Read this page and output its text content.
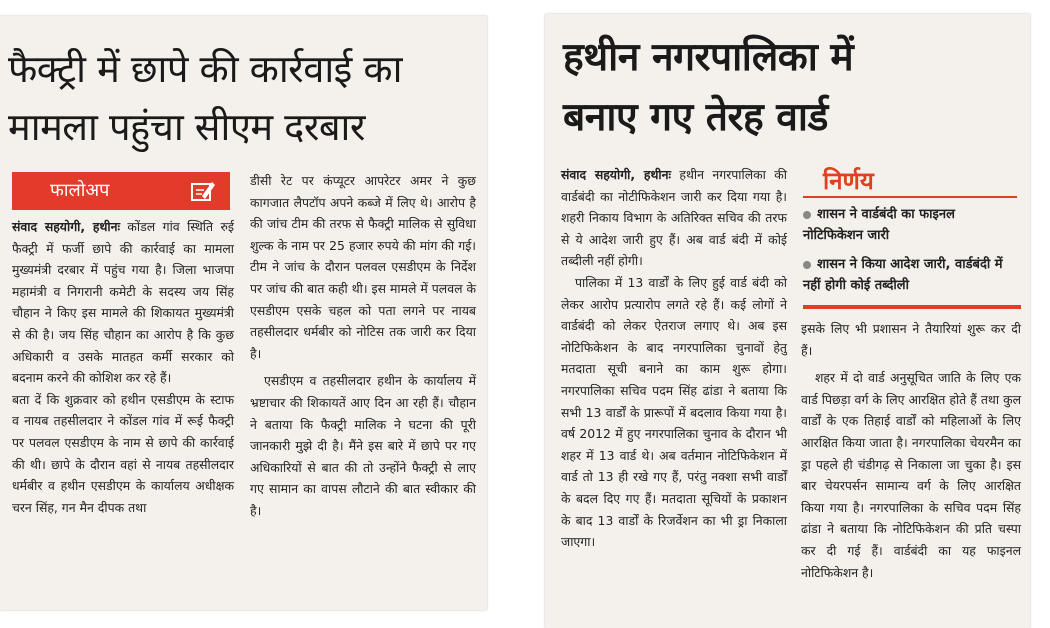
फैक्ट्री में छापे की कार्रवाई का मामला पहुंचा सीएम दरबार
फालोअप

संवाद सहयोगी, हथीनः कोंडल गांव स्थिति रुई फैक्ट्री में फर्जी छापे की कार्रवाई का मामला मुख्यमंत्री दरबार में पहुंच गया है। जिला भाजपा महामंत्री व निगरानी कमेटी के सदस्य जय सिंह चौहान ने किए इस मामले की शिकायत मुख्यमंत्री से की है। जय सिंह चौहान का आरोप है कि कुछ अधिकारी व उसके मातहत कर्मी सरकार को बदनाम करने की कोशिश कर रहे हैं।

बता दें कि शुक्रवार को हथीन एसडीएम के स्टाफ व नायब तहसीलदार ने कोंडल गांव में रूई फैक्ट्री पर पलवल एसडीएम के नाम से छापे की कार्रवाई की थी। छापे के दौरान वहां से नायब तहसीलदार धर्मबीर व हथीन एसडीएम के कार्यालय अधीक्षक चरन सिंह, गन मैन दीपक तथा

डीसी रेट पर कंप्यूटर आपरेटर अमर ने कुछ कागजात लैपटॉप अपने कब्जे में लिए थे। आरोप है की जांच टीम की तरफ से फैक्ट्री मालिक से सुविधा शुल्क के नाम पर 25 हजार रुपये की मांग की गई। टीम ने जांच के दौरान पलवल एसडीएम के निर्देश पर जांच की बात कही थी। इस मामले में पलवल के एसडीएम एसके चहल को पता लगने पर नायब तहसीलदार धर्मबीर को नोटिस तक जारी कर दिया है।

एसडीएम व तहसीलदार हथीन के कार्यालय में भ्रष्टाचार की शिकायतें आए दिन आ रही हैं। चौहान ने बताया कि फैक्ट्री मालिक ने घटना की पूरी जानकारी मुझे दी है। मैंने इस बारे में छापे पर गए अधिकारियों से बात की तो उन्होंने फैक्ट्री से लाए गए सामान का वापस लौटाने की बात स्वीकार की है।

हथीन नगरपालिका में बनाए गए तेरह वार्ड

संवाद सहयोगी, हथीनः हथीन नगरपालिका की वार्डबंदी का नोटीफिकेशन जारी कर दिया गया है। शहरी निकाय विभाग के अतिरिक्त सचिव की तरफ से ये आदेश जारी हुए हैं। अब वार्ड बंदी में कोई तब्दीली नहीं होगी।

पालिका में 13 वार्डों के लिए हुई वार्ड बंदी को लेकर आरोप प्रत्यारोप लगते रहे हैं। कई लोगों ने वार्डबंदी को लेकर ऐतराज लगाए थे। अब इस नोटिफिकेशन के बाद नगरपालिका चुनावों हेतु मतदाता सूची बनाने का काम शुरू होगा। नगरपालिका सचिव पदम सिंह ढांडा ने बताया कि सभी 13 वार्डों के प्रारूपों में बदलाव किया गया है। वर्ष 2012 में हुए नगरपालिका चुनाव के दौरान भी शहर में 13 वार्ड थे। अब वर्तमान नोटिफिकेशन में वार्ड तो 13 ही रखे गए हैं, परंतु नक्शा सभी वार्डों के बदल दिए गए हैं। मतदाता सूचियों के प्रकाशन के बाद 13 वार्डों के रिजर्वेशन का भी ड्रा निकाला जाएगा।

निर्णय
शासन ने वार्डबंदी का फाइनल नोटिफिकेशन जारी
शासन ने किया आदेश जारी, वार्डबंदी में नहीं होगी कोई तब्दीली

इसके लिए भी प्रशासन ने तैयारियां शुरू कर दी हैं।

शहर में दो वार्ड अनुसूचित जाति के लिए एक वार्ड पिछड़ा वर्ग के लिए आरक्षित होते हैं तथा कुल वार्डों के एक तिहाई वार्डों को महिलाओं के लिए आरक्षित किया जाता है। नगरपालिका चेयरमैन का ड्रा पहले ही चंडीगढ़ से निकाला जा चुका है। इस बार चेयरपर्सन सामान्य वर्ग के लिए आरक्षित किया गया है। नगरपालिका के सचिव पदम सिंह ढांडा ने बताया कि नोटिफिकेशन की प्रति चस्पा कर दी गई हैं। वार्डबंदी का यह फाइनल नोटिफिकेशन है।
